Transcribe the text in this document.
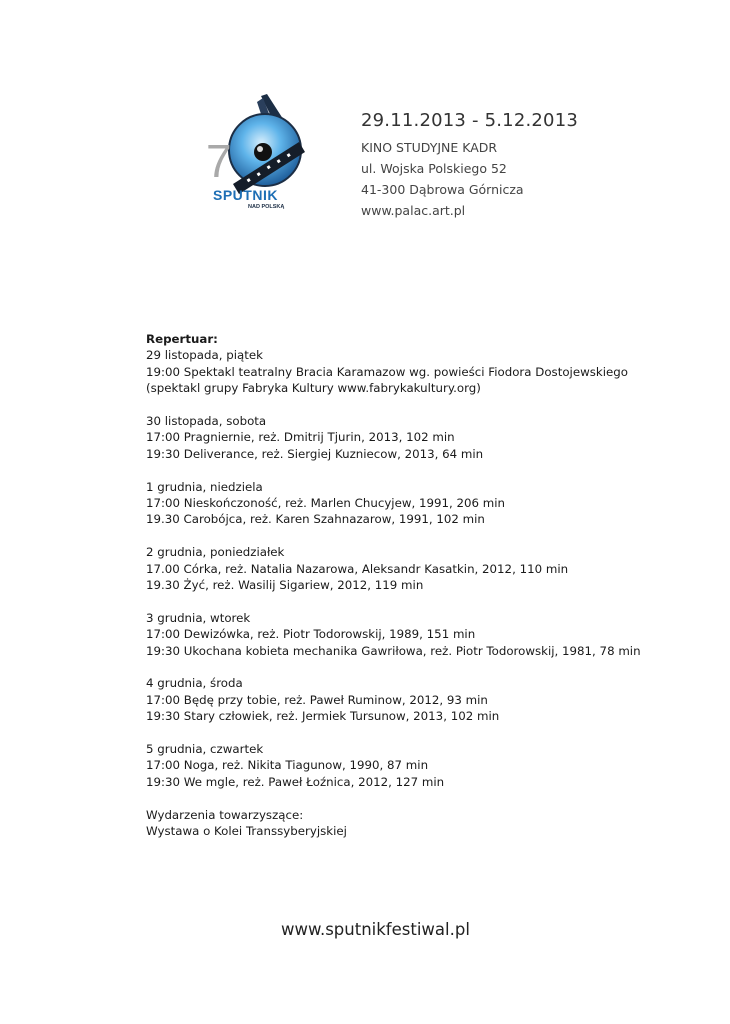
7
SPUTNIK
NAD POLSKĄ
29.11.2013 - 5.12.2013
KINO STUDYJNE KADR
ul. Wojska Polskiego 52
41-300 Dąbrowa Górnicza
www.palac.art.pl
Repertuar:
29 listopada, piątek
19:00 Spektakl teatralny Bracia Karamazow wg. powieści Fiodora Dostojewskiego
(spektakl grupy Fabryka Kultury www.fabrykakultury.org)
30 listopada, sobota
17:00 Pragniernie, reż. Dmitrij Tjurin, 2013, 102 min
19:30 Deliverance, reż. Siergiej Kuzniecow, 2013, 64 min
1 grudnia, niedziela
17:00 Nieskończoność, reż. Marlen Chucyjew, 1991, 206 min
19.30 Carobójca, reż. Karen Szahnazarow, 1991, 102 min
2 grudnia, poniedziałek
17.00 Córka, reż. Natalia Nazarowa, Aleksandr Kasatkin, 2012, 110 min
19.30 Żyć, reż. Wasilij Sigariew, 2012, 119 min
3 grudnia, wtorek
17:00 Dewizówka, reż. Piotr Todorowskij, 1989, 151 min
19:30 Ukochana kobieta mechanika Gawriłowa, reż. Piotr Todorowskij, 1981, 78 min
4 grudnia, środa
17:00 Będę przy tobie, reż. Paweł Ruminow, 2012, 93 min
19:30 Stary człowiek, reż. Jermiek Tursunow, 2013, 102 min
5 grudnia, czwartek
17:00 Noga, reż. Nikita Tiagunow, 1990, 87 min
19:30 We mgle, reż. Paweł Łoźnica, 2012, 127 min
Wydarzenia towarzyszące:
Wystawa o Kolei Transsyberyjskiej
www.sputnikfestiwal.pl
